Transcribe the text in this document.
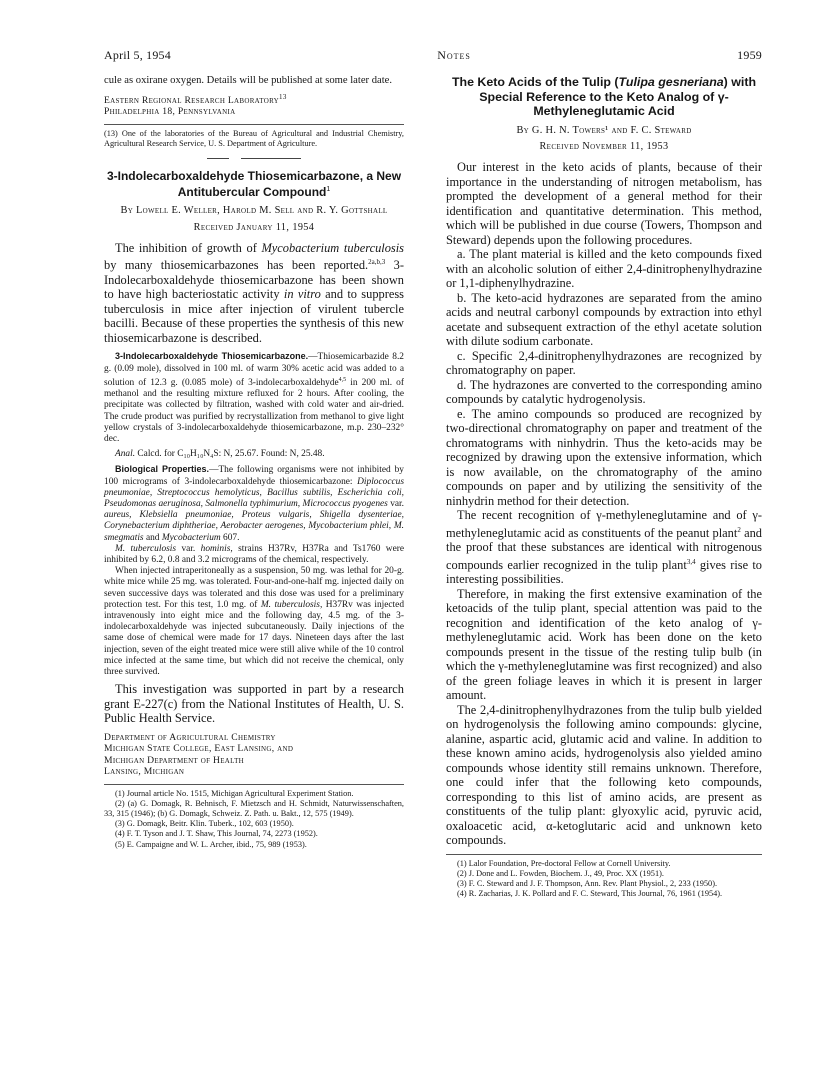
April 5, 1954	Notes	1959

cule as oxirane oxygen. Details will be published at some later date.

Eastern Regional Research Laboratory$^{13}$
Philadelphia 18, Pennsylvania

(13) One of the laboratories of the Bureau of Agricultural and Industrial Chemistry, Agricultural Research Service, U. S. Department of Agriculture.

3-Indolecarboxaldehyde Thiosemicarbazone, a New Antitubercular Compound$^1$

By Lowell E. Weller, Harold M. Sell and R. Y. Gottshall

Received January 11, 1954

The inhibition of growth of Mycobacterium tuberculosis by many thiosemicarbazones has been reported.$^{2a,b,3}$ 3-Indolecarboxaldehyde thiosemicarbazone has been shown to have high bacteriostatic activity in vitro and to suppress tuberculosis in mice after injection of virulent tubercle bacilli. Because of these properties the synthesis of this new thiosemicarbazone is described.

3-Indolecarboxaldehyde Thiosemicarbazone.—Thiosemicarbazide 8.2 g. (0.09 mole), dissolved in 100 ml. of warm 30% acetic acid was added to a solution of 12.3 g. (0.085 mole) of 3-indolecarboxaldehyde$^{4,5}$ in 200 ml. of methanol and the resulting mixture refluxed for 2 hours. After cooling, the precipitate was collected by filtration, washed with cold water and air-dried. The crude product was purified by recrystallization from methanol to give light yellow crystals of 3-indolecarboxaldehyde thiosemicarbazone, m.p. 230–232° dec.

Anal. Calcd. for C₁₀H₁₀N₄S: N, 25.67. Found: N, 25.48.

Biological Properties.—The following organisms were not inhibited by 100 micrograms of 3-indolecarboxaldehyde thiosemicarbazone: Diplococcus pneumoniae, Streptococcus hemolyticus, Bacillus subtilis, Escherichia coli, Pseudomonas aeruginosa, Salmonella typhimurium, Micrococcus pyogenes var. aureus, Klebsiella pneumoniae, Proteus vulgaris, Shigella dysenteriae, Corynebacterium diphtheriae, Aerobacter aerogenes, Mycobacterium phlei, M. smegmatis and Mycobacterium 607.

M. tuberculosis var. hominis, strains H37Rv, H37Ra and Ts1760 were inhibited by 6.2, 0.8 and 3.2 micrograms of the chemical, respectively.

When injected intraperitoneally as a suspension, 50 mg. was lethal for 20-g. white mice while 25 mg. was tolerated. Four-and-one-half mg. injected daily on seven successive days was tolerated and this dose was used for a preliminary protection test. For this test, 1.0 mg. of M. tuberculosis, H37Rv was injected intravenously into eight mice and the following day, 4.5 mg. of the 3-indolecarboxaldehyde was injected subcutaneously. Daily injections of the same dose of chemical were made for 17 days. Nineteen days after the last injection, seven of the eight treated mice were still alive while of the 10 control mice infected at the same time, but which did not receive the chemical, only three survived.

This investigation was supported in part by a research grant E-227(c) from the National Institutes of Health, U. S. Public Health Service.

Department of Agricultural Chemistry
Michigan State College, East Lansing, and
Michigan Department of Health
Lansing, Michigan

(1) Journal article No. 1515, Michigan Agricultural Experiment Station.

(2) (a) G. Domagk, R. Behnisch, F. Mietzsch and H. Schmidt, Naturwissenschaften, 33, 315 (1946); (b) G. Domagk, Schweiz. Z. Path. u. Bakt., 12, 575 (1949).

(3) G. Domagk, Beitr. Klin. Tuberk., 102, 603 (1950).

(4) F. T. Tyson and J. T. Shaw, This Journal, 74, 2273 (1952).

(5) E. Campaigne and W. L. Archer, ibid., 75, 989 (1953).

The Keto Acids of the Tulip (Tulipa gesneriana) with Special Reference to the Keto Analog of γ-Methyleneglutamic Acid

By G. H. N. Towers¹ and F. C. Steward

Received November 11, 1953

Our interest in the keto acids of plants, because of their importance in the understanding of nitrogen metabolism, has prompted the development of a general method for their identification and quantitative determination. This method, which will be published in due course (Towers, Thompson and Steward) depends upon the following procedures.

a. The plant material is killed and the keto compounds fixed with an alcoholic solution of either 2,4-dinitrophenylhydrazine or 1,1-diphenylhydrazine.

b. The keto-acid hydrazones are separated from the amino acids and neutral carbonyl compounds by extraction into ethyl acetate and subsequent extraction of the ethyl acetate solution with dilute sodium carbonate.

c. Specific 2,4-dinitrophenylhydrazones are recognized by chromatography on paper.

d. The hydrazones are converted to the corresponding amino compounds by catalytic hydrogenolysis.

e. The amino compounds so produced are recognized by two-directional chromatography on paper and treatment of the chromatograms with ninhydrin. Thus the keto-acids may be recognized by drawing upon the extensive information, which is now available, on the chromatography of the amino compounds on paper and by utilizing the sensitivity of the ninhydrin method for their detection.

The recent recognition of γ-methyleneglutamine and of γ-methyleneglutamic acid as constituents of the peanut plant$^2$ and the proof that these substances are identical with nitrogenous compounds earlier recognized in the tulip plant$^{3,4}$ gives rise to interesting possibilities.

Therefore, in making the first extensive examination of the ketoacids of the tulip plant, special attention was paid to the recognition and identification of the keto analog of γ-methyleneglutamic acid. Work has been done on the keto compounds present in the tissue of the resting tulip bulb (in which the γ-methyleneglutamine was first recognized) and also of the green foliage leaves in which it is present in larger amount.

The 2,4-dinitrophenylhydrazones from the tulip bulb yielded on hydrogenolysis the following amino compounds: glycine, alanine, aspartic acid, glutamic acid and valine. In addition to these known amino acids, hydrogenolysis also yielded amino compounds whose identity still remains unknown. Therefore, one could infer that the following keto compounds, corresponding to this list of amino acids, are present as constituents of the tulip plant: glyoxylic acid, pyruvic acid, oxaloacetic acid, α-ketoglutaric acid and unknown keto compounds.

(1) Lalor Foundation, Pre-doctoral Fellow at Cornell University.

(2) J. Done and L. Fowden, Biochem. J., 49, Proc. XX (1951).

(3) F. C. Steward and J. F. Thompson, Ann. Rev. Plant Physiol., 2, 233 (1950).

(4) R. Zacharias, J. K. Pollard and F. C. Steward, This Journal, 76, 1961 (1954).
